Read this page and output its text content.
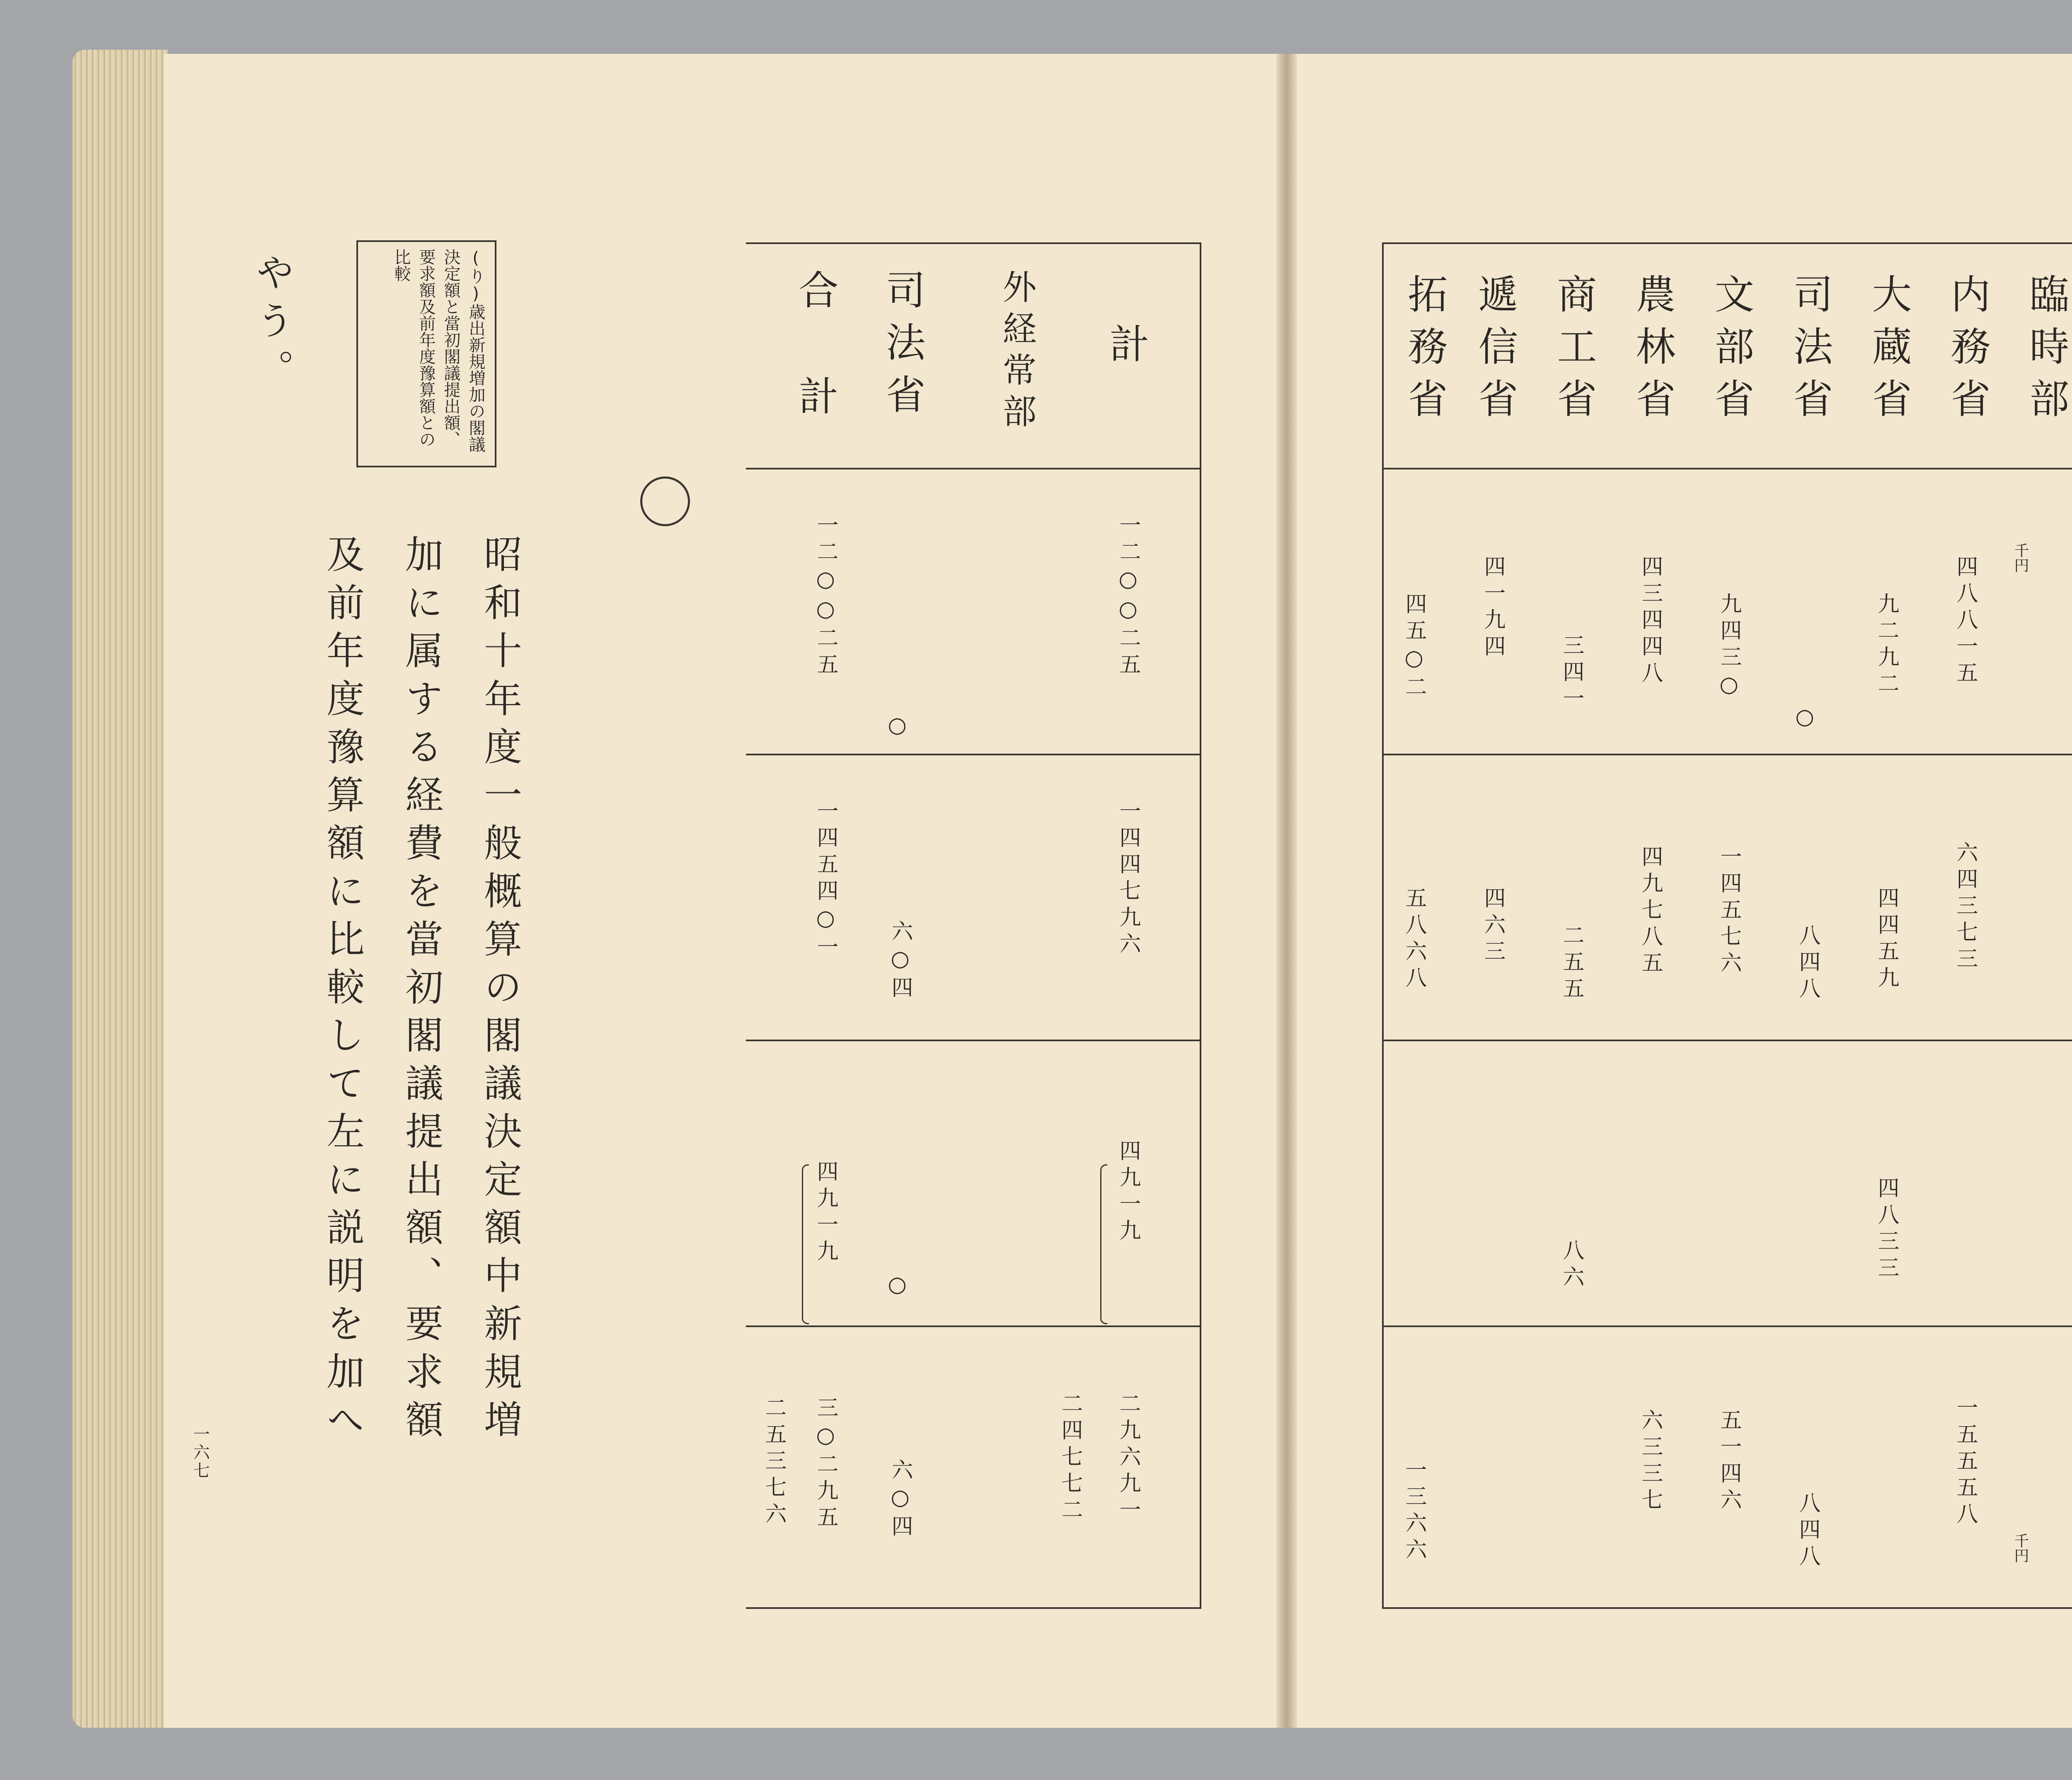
一六七
臨時部
内務省
大蔵省
司法省
文部省
農林省
商工省
遞信省
拓務省
千円
千円
四八八一五
六四三七三
一五五五八
九二九二
四四五九
四八三三
○
八四八
八四八
九四三○
一四五七六
五一四六
四三四四八
四九七八五
六三三七
三四一
二五五
八六
四一九四
四六三
四五○二
五八六八
一三六六
計
外経常部
司法省
合計
一二○○二五
一四四七九六
四九一九
二九六九一
二四七七二
○
六○四
○
六○四
一二○○二五
一四五四○一
四九一九
三○二九五
二五三七六
(り)歳出新規増加の閣議決定額と當初閣議提出額、要求額及前年度豫算額との比較
昭和十年度一般概算の閣議決定額中新規増
加に属する経費を當初閣議提出額、要求額
及前年度豫算額に比較して左に説明を加へ
やう。
